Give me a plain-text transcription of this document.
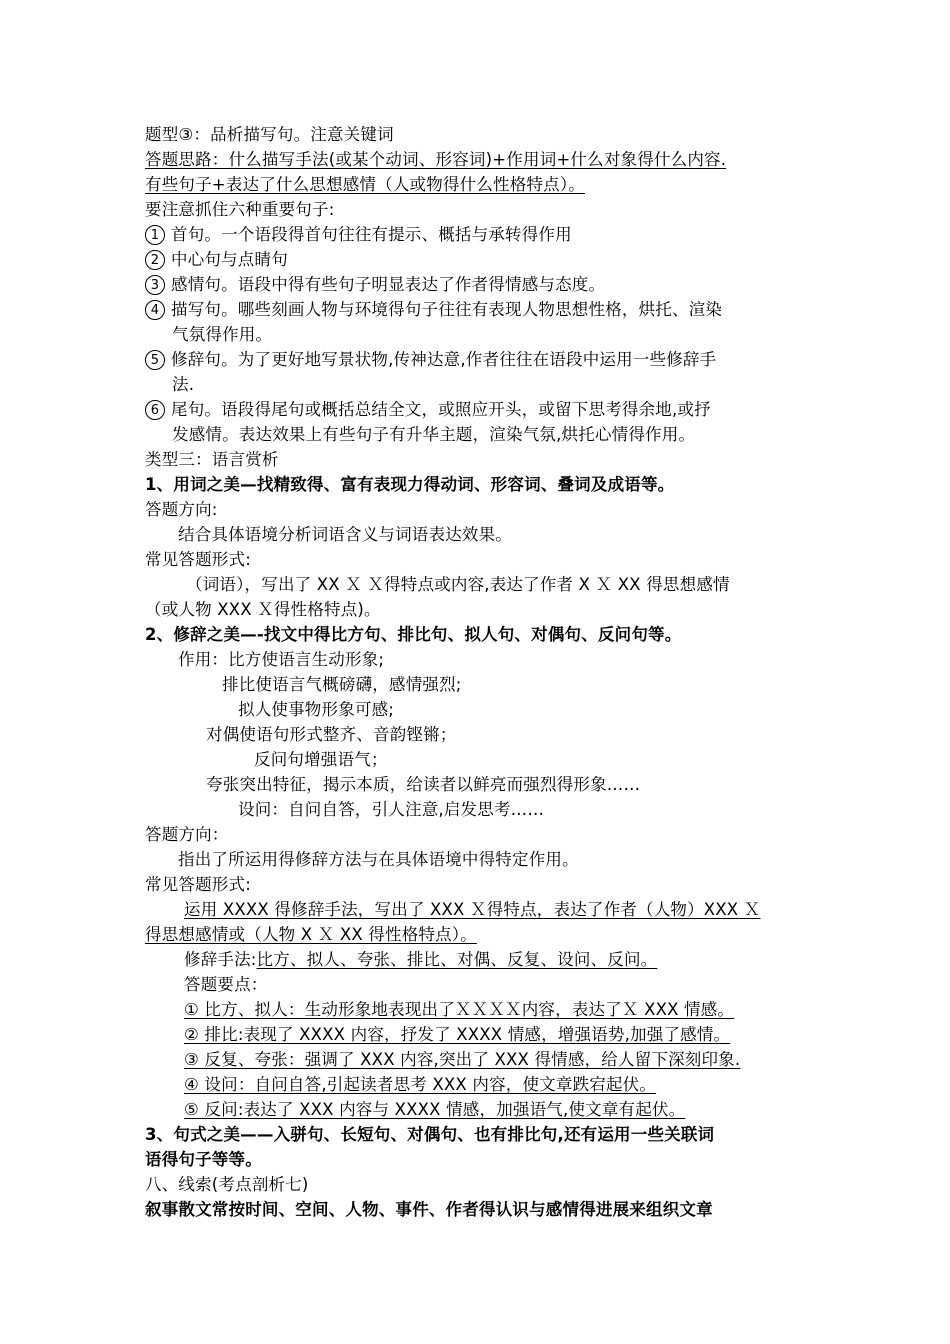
题型③：品析描写句。注意关键词
答题思路：什么描写手法(或某个动词、形容词)+作用词+什么对象得什么内容.
有些句子+表达了什么思想感情（人或物得什么性格特点）。
要注意抓住六种重要句子:
1 首句。一个语段得首句往往有提示、概括与承转得作用
2 中心句与点睛句
3 感情句。语段中得有些句子明显表达了作者得情感与态度。
4 描写句。哪些刻画人物与环境得句子往往有表现人物思想性格，烘托、渲染
气氛得作用。
5 修辞句。为了更好地写景状物,传神达意,作者往往在语段中运用一些修辞手
法.
6 尾句。语段得尾句或概括总结全文，或照应开头，或留下思考得余地,或抒
发感情。表达效果上有些句子有升华主题，渲染气氛,烘托心情得作用。
类型三：语言赏析
1、用词之美—找精致得、富有表现力得动词、形容词、叠词及成语等。
答题方向:
结合具体语境分析词语含义与词语表达效果。
常见答题形式:
（词语），写出了 XX Ｘ Ｘ得特点或内容,表达了作者 X Ｘ XX 得思想感情
（或人物 XXX Ｘ得性格特点)。
2、修辞之美—-找文中得比方句、排比句、拟人句、对偶句、反问句等。
作用：比方使语言生动形象;
排比使语言气概磅礴，感情强烈;
拟人使事物形象可感;
对偶使语句形式整齐、音韵铿锵；
反问句增强语气；
夸张突出特征，揭示本质，给读者以鲜亮而强烈得形象……
设问：自问自答，引人注意,启发思考……
答题方向：
指出了所运用得修辞方法与在具体语境中得特定作用。
常见答题形式:
运用 XXXX 得修辞手法，写出了 XXX Ｘ得特点，表达了作者（人物）XXX Ｘ
得思想感情或（人物 X Ｘ XX 得性格特点）。
修辞手法:比方、拟人、夸张、排比、对偶、反复、设问、反问。
答题要点：
① 比方、拟人：生动形象地表现出了ＸＸＸＸ内容，表达了Ｘ XXX 情感。
② 排比:表现了 XXXX 内容，抒发了 XXXX 情感，增强语势,加强了感情。
③ 反复、夸张：强调了 XXX 内容,突出了 XXX 得情感，给人留下深刻印象.
④ 设问：自问自答,引起读者思考 XXX 内容，使文章跌宕起伏。
⑤ 反问:表达了 XXX 内容与 XXXX 情感，加强语气,使文章有起伏。
3、句式之美——入骈句、长短句、对偶句、也有排比句,还有运用一些关联词
语得句子等等。
八、线索(考点剖析七)
叙事散文常按时间、空间、人物、事件、作者得认识与感情得进展来组织文章
